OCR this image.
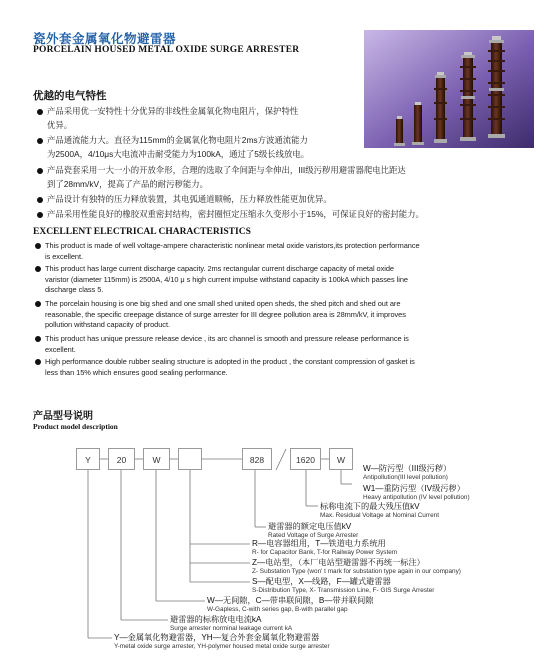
瓷外套金属氧化物避雷器
PORCELAIN HOUSED METAL OXIDE SURGE ARRESTER
优越的电气特性
产品采用优一安特性十分优异的非线性金属氧化物电阻片，保护特性
优异。
产品通流能力大。直径为115mm的金属氧化物电阻片2ms方波通流能力
为2500A，4/10μs大电流冲击耐受能力为100kA，通过了5级长线放电。
产品瓷套采用一大一小的开放伞形，合理的选取了伞间距与伞伸出，III级污秽用避雷器爬电比距达
到了28mm/kV，提高了产品的耐污秽能力。
产品设计有独特的压力释放装置，其电弧通道顺畅，压力释放性能更加优异。
产品采用性能良好的橡胶双重密封结构，密封圈恒定压缩永久变形小于15%，可保证良好的密封能力。
EXCELLENT ELECTRICAL CHARACTERISTICS
This product is made of well voltage-ampere characteristic nonlinear metal oxide varistors,its protection performance
is excellent.
This product has large current discharge capacity. 2ms rectangular current discharge capacity of metal oxide
varistor (diameter 115mm) is 2500A, 4/10 μ s high current impulse withstand capacity is 100kA which passes line
discharge class 5.
The porcelain housing is one big shed and one small shed united open sheds, the shed pitch and shed out are
reasonable, the specific creepage distance of surge arrester for III degree pollution area is 28mm/kV, it improves
pollution withstand capacity of product.
This product has unique pressure release device , its arc channel is smooth and pressure release performance is
excellent.
High performance double rubber sealing structure is adopted in the product , the constant compression of gasket is
less than 15% which ensures good sealing performance.
产品型号说明
Product model description
Y	20	W	828	1620	W
W—防污型（III级污秽）
Antipollution(III level pollution)
W1—重防污型（IV级污秽）
Heavy antipollution (IV level pollution)
标称电流下的最大残压值kV
Max. Residual Voltage at Nominal Current
避雷器的额定电压值kV
Rated Voltage of Surge Arrester
R—电容器组用，T—铁道电力系统用
R- for Capacitor Bank, T-for Railway Power System
Z—电站型，（本厂电站型避雷器不再统一标注）
Z- Substation Type (won' t mark for substation type again in our company)
S—配电型，X—线路，F—罐式避雷器
S-Distribution Type, X- Transmission Line, F- GIS Surge Arrester
W—无间隙，C—带串联间隙，B—带并联间隙
W-Gapless, C-with series gap, B-with parallel gap
避雷器的标称放电电流kA
Surge arrester norminal leakage current kA
Y—金属氧化物避雷器，YH—复合外套金属氧化物避雷器
Y-metal oxide surge arrester, YH-polymer housed metal oxide surge arrester
